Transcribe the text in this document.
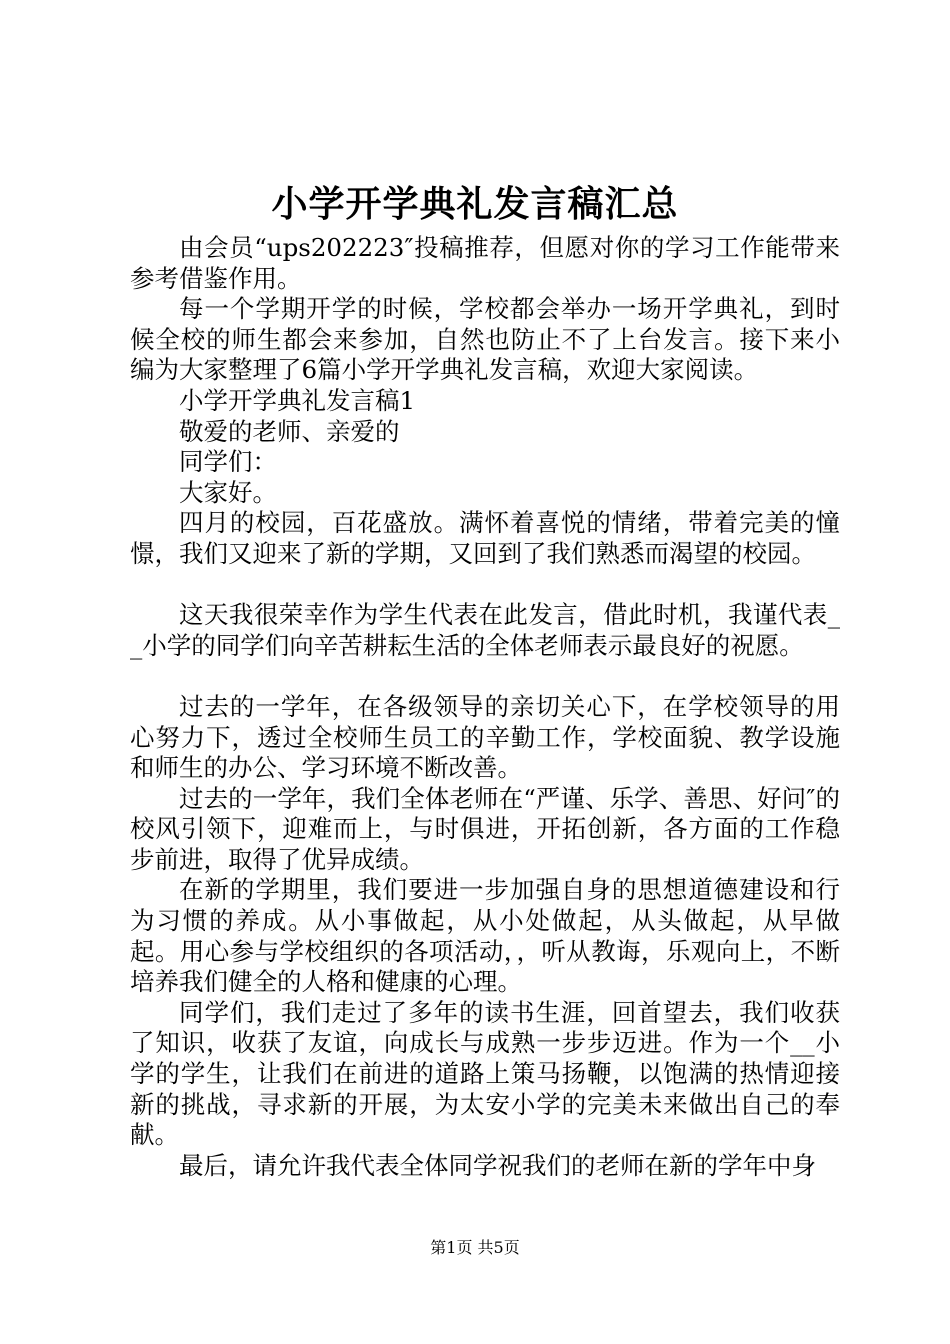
小学开学典礼发言稿汇总

由会员“ups202223″投稿推荐，但愿对你的学习工作能带来参考借鉴作用。

每一个学期开学的时候，学校都会举办一场开学典礼，到时候全校的师生都会来参加，自然也防止不了上台发言。接下来小编为大家整理了6篇小学开学典礼发言稿，欢迎大家阅读。

小学开学典礼发言稿1

敬爱的老师、亲爱的

同学们：

大家好。

四月的校园，百花盛放。满怀着喜悦的情绪，带着完美的憧憬，我们又迎来了新的学期，又回到了我们熟悉而渴望的校园。

这天我很荣幸作为学生代表在此发言，借此时机，我谨代表__小学的同学们向辛苦耕耘生活的全体老师表示最良好的祝愿。

过去的一学年，在各级领导的亲切关心下，在学校领导的用心努力下，透过全校师生员工的辛勤工作，学校面貌、教学设施和师生的办公、学习环境不断改善。

过去的一学年，我们全体老师在“严谨、乐学、善思、好问″的校风引领下，迎难而上，与时俱进，开拓创新，各方面的工作稳步前进，取得了优异成绩。

在新的学期里，我们要进一步加强自身的思想道德建设和行为习惯的养成。从小事做起，从小处做起，从头做起，从早做起。用心参与学校组织的各项活动，，听从教诲，乐观向上，不断培养我们健全的人格和健康的心理。

同学们，我们走过了多年的读书生涯，回首望去，我们收获了知识，收获了友谊，向成长与成熟一步步迈进。作为一个__小学的学生，让我们在前进的道路上策马扬鞭，以饱满的热情迎接新的挑战，寻求新的开展，为太安小学的完美未来做出自己的奉献。

最后，请允许我代表全体同学祝我们的老师在新的学年中身

第1页 共5页
